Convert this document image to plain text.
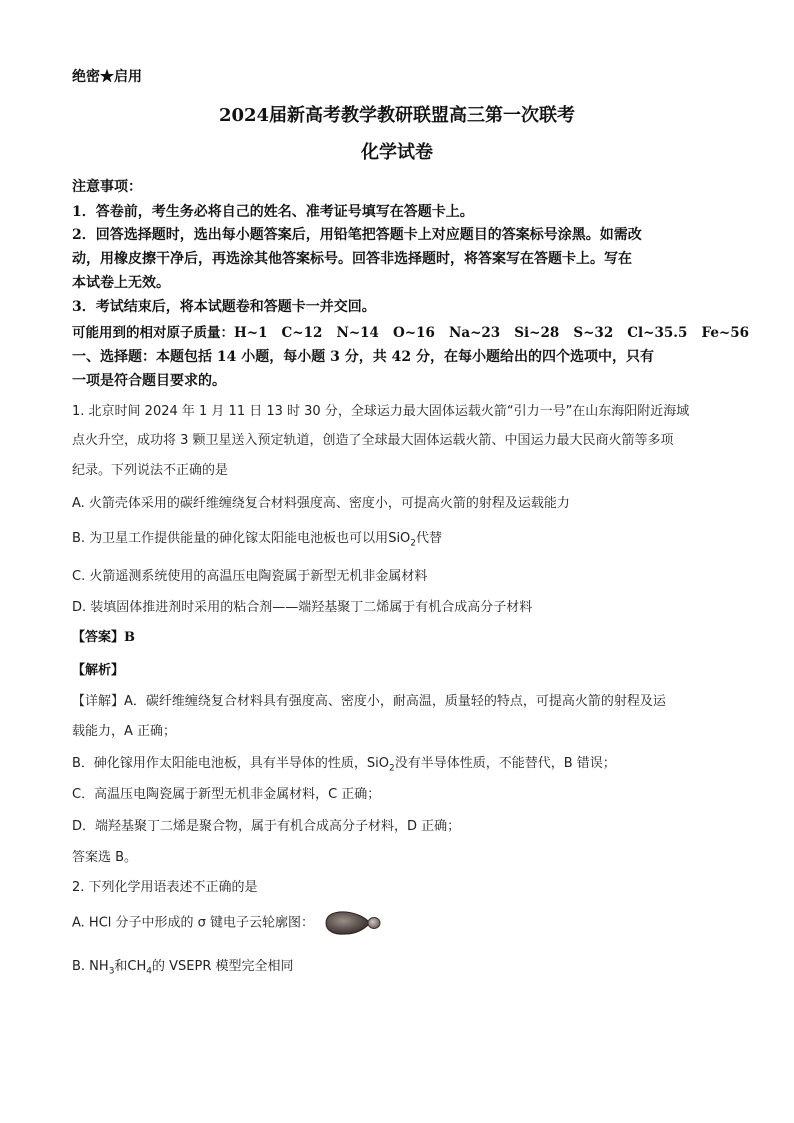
绝密★启用
2024届新高考教学教研联盟高三第一次联考
化学试卷
注意事项：
1．答卷前，考生务必将自己的姓名、准考证号填写在答题卡上。
2．回答选择题时，选出每小题答案后，用铅笔把答题卡上对应题目的答案标号涂黑。如需改
动，用橡皮擦干净后，再选涂其他答案标号。回答非选择题时，将答案写在答题卡上。写在
本试卷上无效。
3．考试结束后，将本试题卷和答题卡一并交回。
可能用到的相对原子质量：H~1   C~12   N~14   O~16   Na~23   Si~28   S~32   Cl~35.5   Fe~56
一、选择题：本题包括 14 小题，每小题 3 分，共 42 分，在每小题给出的四个选项中，只有
一项是符合题目要求的。
1. 北京时间 2024 年 1 月 11 日 13 时 30 分，全球运力最大固体运载火箭“引力一号”在山东海阳附近海域
点火升空，成功将 3 颗卫星送入预定轨道，创造了全球最大固体运载火箭、中国运力最大民商火箭等多项
纪录。下列说法不正确的是
A. 火箭壳体采用的碳纤维缠绕复合材料强度高、密度小，可提高火箭的射程及运载能力
B. 为卫星工作提供能量的砷化镓太阳能电池板也可以用SiO$_2$代替
C. 火箭遥测系统使用的高温压电陶瓷属于新型无机非金属材料
D. 装填固体推进剂时采用的粘合剂——端羟基聚丁二烯属于有机合成高分子材料
【答案】B
【解析】
【详解】A．碳纤维缠绕复合材料具有强度高、密度小，耐高温，质量轻的特点，可提高火箭的射程及运
载能力，A 正确；
B．砷化镓用作太阳能电池板，具有半导体的性质，SiO$_2$没有半导体性质，不能替代，B 错误；
C．高温压电陶瓷属于新型无机非金属材料，C 正确；
D．端羟基聚丁二烯是聚合物，属于有机合成高分子材料，D 正确；
答案选 B。
2. 下列化学用语表述不正确的是
A. HCl 分子中形成的 σ 键电子云轮廓图：
B. $NH_3$和$CH_4$的 VSEPR 模型完全相同
